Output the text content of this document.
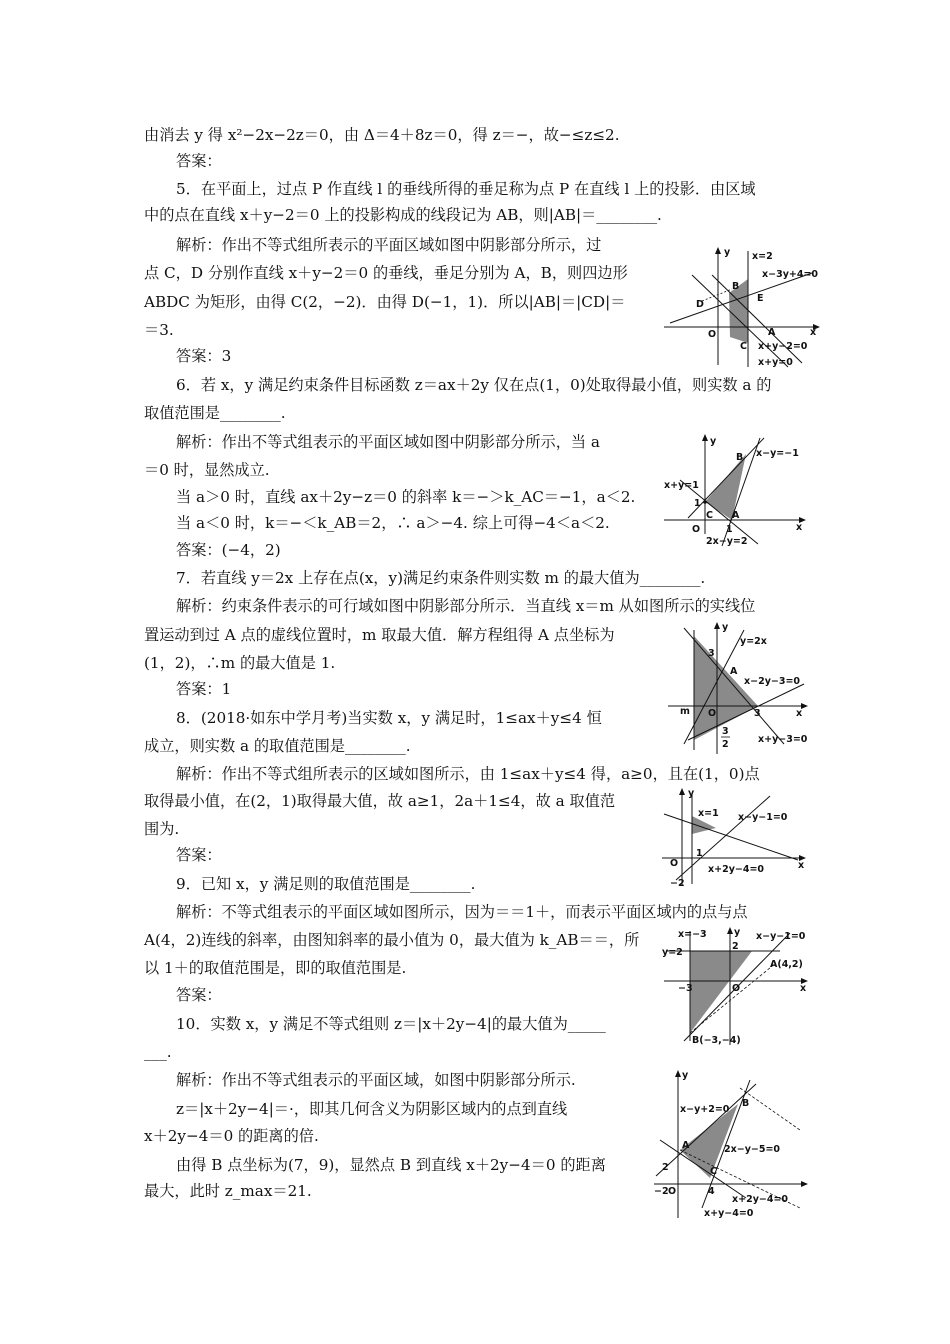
由消去 y 得 x²−2x−2z＝0，由 Δ＝4＋8z＝0，得 z＝−，故−≤z≤2.
答案：
5．在平面上，过点 P 作直线 l 的垂线所得的垂足称为点 P 在直线 l 上的投影．由区域
中的点在直线 x＋y−2＝0 上的投影构成的线段记为 AB，则|AB|＝________.
解析：作出不等式组所表示的平面区域如图中阴影部分所示，过
点 C，D 分别作直线 x＋y−2＝0 的垂线，垂足分别为 A，B，则四边形
ABDC 为矩形，由得 C(2，−2)．由得 D(−1，1)．所以|AB|＝|CD|＝
＝3.
答案：3
6．若 x，y 满足约束条件目标函数 z＝ax＋2y 仅在点(1，0)处取得最小值，则实数 a 的
取值范围是________.
解析：作出不等式组表示的平面区域如图中阴影部分所示，当 a
＝0 时，显然成立.
当 a＞0 时，直线 ax＋2y−z＝0 的斜率 k＝−＞k_AC＝−1，a＜2.
当 a＜0 时，k＝−＜k_AB＝2，∴ a＞−4. 综上可得−4＜a＜2.
答案：(−4，2)
7．若直线 y＝2x 上存在点(x，y)满足约束条件则实数 m 的最大值为________.
解析：约束条件表示的可行域如图中阴影部分所示．当直线 x＝m 从如图所示的实线位
置运动到过 A 点的虚线位置时，m 取最大值．解方程组得 A 点坐标为
(1，2)，∴m 的最大值是 1.
答案：1
8．(2018·如东中学月考)当实数 x，y 满足时，1≤ax＋y≤4 恒
成立，则实数 a 的取值范围是________.
解析：作出不等式组所表示的区域如图所示，由 1≤ax＋y≤4 得，a≥0，且在(1，0)点
取得最小值，在(2，1)取得最大值，故 a≥1，2a＋1≤4，故 a 取值范
围为.
答案：
9．已知 x，y 满足则的取值范围是________.
解析：不等式组表示的平面区域如图所示，因为＝＝1＋，而表示平面区域内的点与点
A(4，2)连线的斜率，由图知斜率的最小值为 0，最大值为 k_AB＝＝，所
以 1＋的取值范围是，即的取值范围是.
答案：
10．实数 x，y 满足不等式组则 z＝|x＋2y−4|的最大值为_____
___.
解析：作出不等式组表示的平面区域，如图中阴影部分所示.
z＝|x＋2y−4|＝·，即其几何含义为阴影区域内的点到直线
x＋2y−4＝0 的距离的倍.
由得 B 点坐标为(7，9)，显然点 B 到直线 x＋2y−4＝0 的距离
最大，此时 z_max＝21.
y x=2
x−3y+4=0
B
E
D
O	A	x
C x+y−2=0
x+y=0
y
x−y=−1
B
x+y=1
1
C A
O	1	x
2x−y=2
y
y=2x
3
A
x−2y−3=0
m O	3	x
3
2	x+y−3=0
y
x=1 x−y−1=0
1
O	x
x+2y−4=0
−2
x=−3	y x−y−1=0
y=2
2
A(4,2)
−3	O	x
B(−3,−4)
y
B
x−y+2=0
A	2x−y−5=0
2	C
−2 O	4
x+2y−4=0
x+y−4=0
